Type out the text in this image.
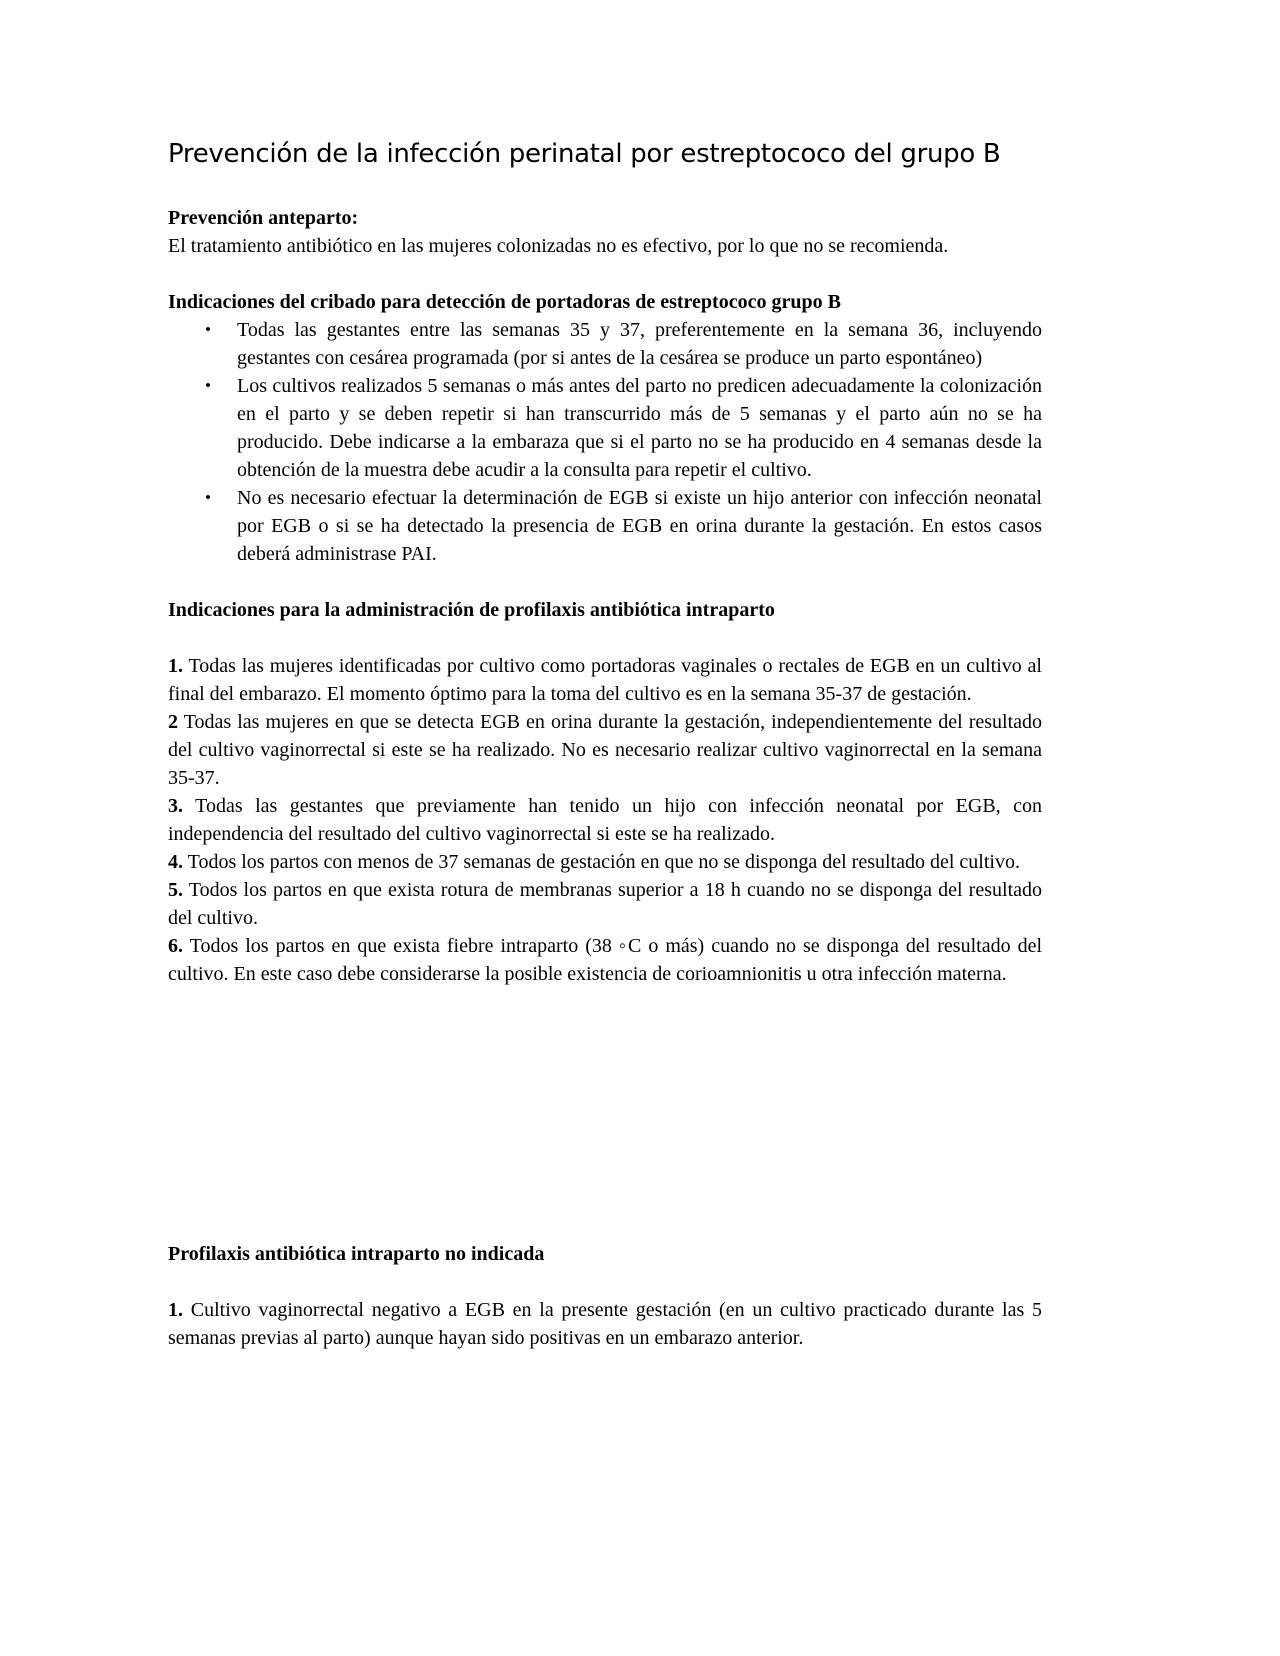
Prevención de la infección perinatal por estreptococo del grupo B

Prevención anteparto:

El tratamiento antibiótico en las mujeres colonizadas no es efectivo, por lo que no se recomienda.

Indicaciones del cribado para detección de portadoras de estreptococo grupo B

•	Todas las gestantes entre las semanas 35 y 37, preferentemente en la semana 36, incluyendo gestantes con cesárea programada (por si antes de la cesárea se produce un parto espontáneo)
•	Los cultivos realizados 5 semanas o más antes del parto no predicen adecuadamente la colonización en el parto y se deben repetir si han transcurrido más de 5 semanas y el parto aún no se ha producido. Debe indicarse a la embaraza que si el parto no se ha producido en 4 semanas desde la obtención de la muestra debe acudir a la consulta para repetir el cultivo.
•	No es necesario efectuar la determinación de EGB si existe un hijo anterior con infección neonatal por EGB o si se ha detectado la presencia de EGB en orina durante la gestación. En estos casos deberá administrase PAI.

Indicaciones para la administración de profilaxis antibiótica intraparto

1. Todas las mujeres identificadas por cultivo como portadoras vaginales o rectales de EGB en un cultivo al final del embarazo. El momento óptimo para la toma del cultivo es en la semana 35-37 de gestación.

2 Todas las mujeres en que se detecta EGB en orina durante la gestación, independientemente del resultado del cultivo vaginorrectal si este se ha realizado. No es necesario realizar cultivo vaginorrectal en la semana 35-37.

3. Todas las gestantes que previamente han tenido un hijo con infección neonatal por EGB, con independencia del resultado del cultivo vaginorrectal si este se ha realizado.

4. Todos los partos con menos de 37 semanas de gestación en que no se disponga del resultado del cultivo.

5. Todos los partos en que exista rotura de membranas superior a 18 h cuando no se disponga del resultado del cultivo.

6. Todos los partos en que exista fiebre intraparto (38 ◦C o más) cuando no se disponga del resultado del cultivo. En este caso debe considerarse la posible existencia de corioamnionitis u otra infección materna.

Profilaxis antibiótica intraparto no indicada

1. Cultivo vaginorrectal negativo a EGB en la presente gestación (en un cultivo practicado durante las 5 semanas previas al parto) aunque hayan sido positivas en un embarazo anterior.
